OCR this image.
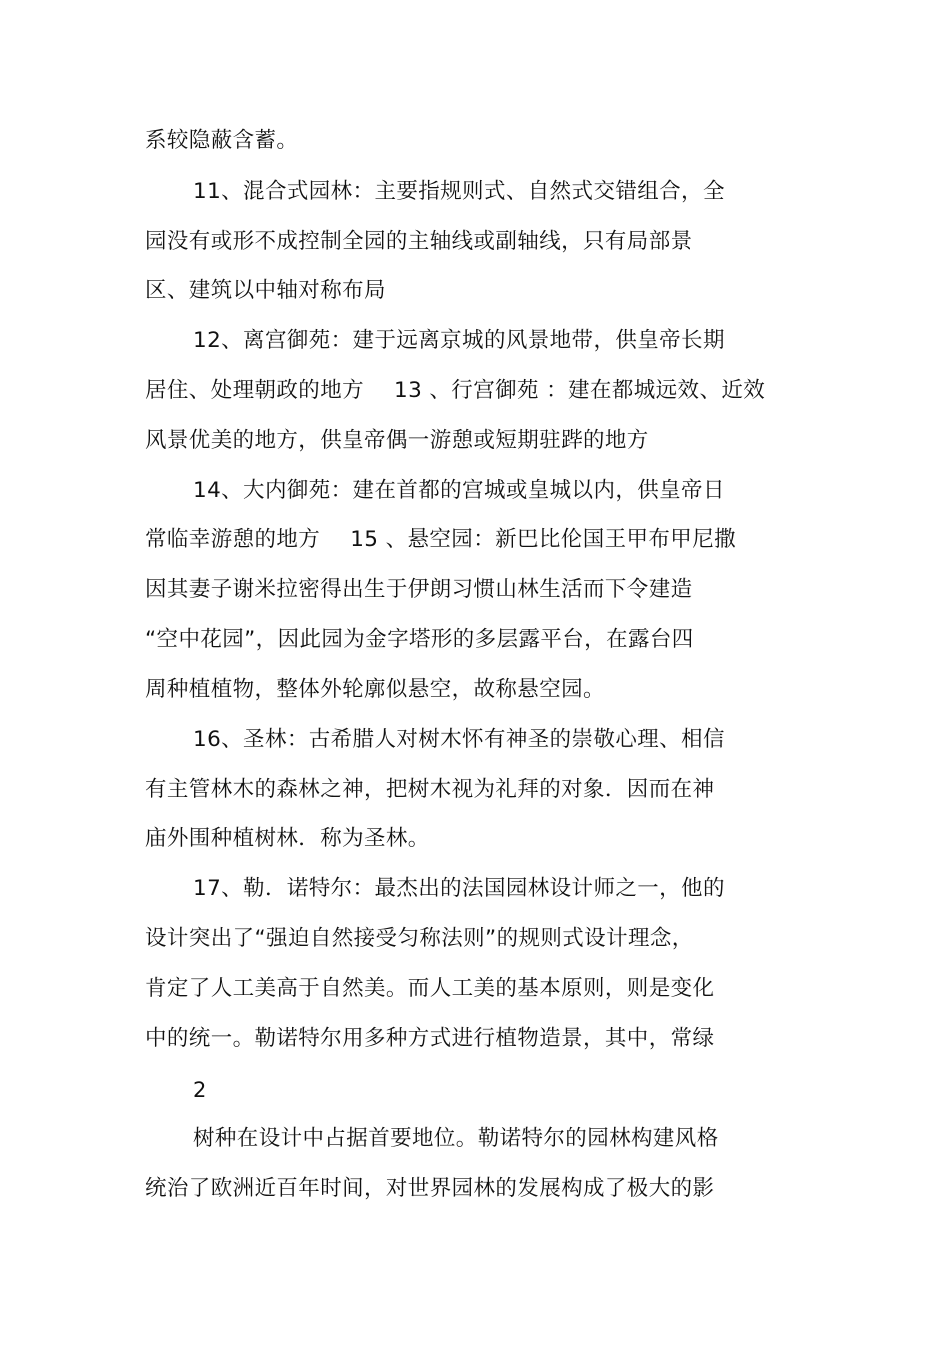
系较隐蔽含蓄。
11、混合式园林：主要指规则式、自然式交错组合，全
园没有或形不成控制全园的主轴线或副轴线，只有局部景
区、建筑以中轴对称布局
12、离宫御苑：建于远离京城的风景地带，供皇帝长期
居住、处理朝政的地方 13 、行宫御苑 ：建在都城远效、近效
风景优美的地方，供皇帝偶一游憩或短期驻跸的地方
14、大内御苑：建在首都的宫城或皇城以内，供皇帝日
常临幸游憩的地方 15 、悬空园：新巴比伦国王甲布甲尼撒
因其妻子谢米拉密得出生于伊朗习惯山林生活而下令建造
“空中花园”，因此园为金字塔形的多层露平台，在露台四
周种植植物，整体外轮廓似悬空，故称悬空园。
16、圣林：古希腊人对树木怀有神圣的崇敬心理、相信
有主管林木的森林之神，把树木视为礼拜的对象．因而在神
庙外围种植树林．称为圣林。
17、勒．诺特尔：最杰出的法国园林设计师之一，他的
设计突出了“强迫自然接受匀称法则”的规则式设计理念，
肯定了人工美高于自然美。而人工美的基本原则，则是变化
中的统一。勒诺特尔用多种方式进行植物造景，其中，常绿
2
树种在设计中占据首要地位。勒诺特尔的园林构建风格
统治了欧洲近百年时间，对世界园林的发展构成了极大的影
